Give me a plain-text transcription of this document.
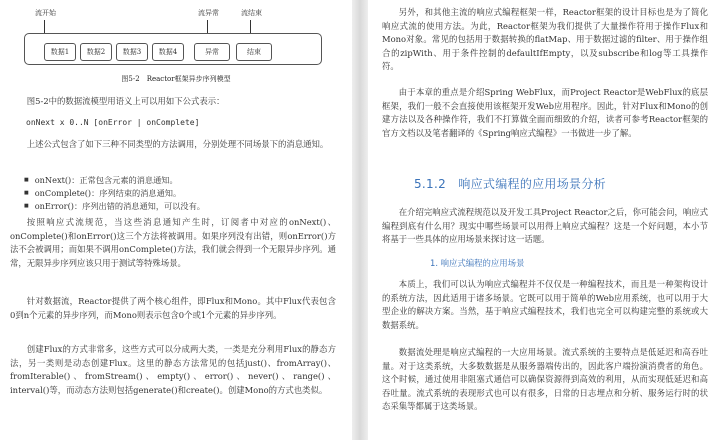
流开始	流异常	流结束
数据1	数据2	数据3	数据4	异常	结束
图5-2　Reactor框架异步序列模型

图5-2中的数据流模型用语义上可以用如下公式表示：

onNext x 0..N [onError | onComplete]

上述公式包含了如下三种不同类型的方法调用，分别处理不同场景下的消息通知。

■ onNext()：正常包含元素的消息通知。
■ onComplete()：序列结束的消息通知。
■ onError()：序列出错的消息通知，可以没有。

按照响应式流规范，当这些消息通知产生时，订阅者中对应的onNext()、onComplete()和onError()这三个方法将被调用。如果序列没有出错，则onError()方法不会被调用；而如果不调用onComplete()方法，我们就会得到一个无限异步序列。通常，无限异步序列应该只用于测试等特殊场景。

针对数据流，Reactor提供了两个核心组件，即Flux和Mono。其中Flux代表包含0到n个元素的异步序列，而Mono则表示包含0个或1个元素的异步序列。

创建Flux的方式非常多，这些方式可以分成两大类，一类是充分利用Flux的静态方法，另一类则是动态创建Flux。这里的静态方法常见的包括just()、fromArray()、fromIterable()、fromStream()、empty()、error()、never()、range()、interval()等，而动态方法则包括generate()和create()。创建Mono的方式也类似。

另外，和其他主流的响应式编程框架一样，Reactor框架的设计目标也是为了简化响应式流的使用方法。为此，Reactor框架为我们提供了大量操作符用于操作Flux和Mono对象。常见的包括用于数据转换的flatMap、用于数据过滤的filter、用于操作组合的zipWith、用于条件控制的defaultIfEmpty，以及subscribe和log等工具操作符。

由于本章的重点是介绍Spring WebFlux，而Project Reactor是WebFlux的底层框架，我们一般不会直接使用该框架开发Web应用程序。因此，针对Flux和Mono的创建方法以及各种操作符，我们不打算做全面而细致的介绍，读者可参考Reactor框架的官方文档以及笔者翻译的《Spring响应式编程》一书做进一步了解。

5.1.2　响应式编程的应用场景分析

在介绍完响应式流程规范以及开发工具Project Reactor之后，你可能会问，响应式编程到底有什么用？现实中哪些场景可以用得上响应式编程？这是一个好问题，本小节将基于一些具体的应用场景来探讨这一话题。

1. 响应式编程的应用场景

本质上，我们可以认为响应式编程并不仅仅是一种编程技术，而且是一种架构设计的系统方法，因此适用于诸多场景。它既可以用于简单的Web应用系统，也可以用于大型企业的解决方案。当然，基于响应式编程技术，我们也完全可以构建完整的系统或大数据系统。

数据流处理是响应式编程的一大应用场景。流式系统的主要特点是低延迟和高吞吐量。对于这类系统，大多数数据是从服务器端传出的，因此客户端扮演消费者的角色。这个时候，通过使用非阻塞式通信可以确保资源得到高效的利用，从而实现低延迟和高吞吐量。流式系统的表现形式也可以有很多，日常的日志埋点和分析、服务运行时的状态采集等都属于这类场景。
